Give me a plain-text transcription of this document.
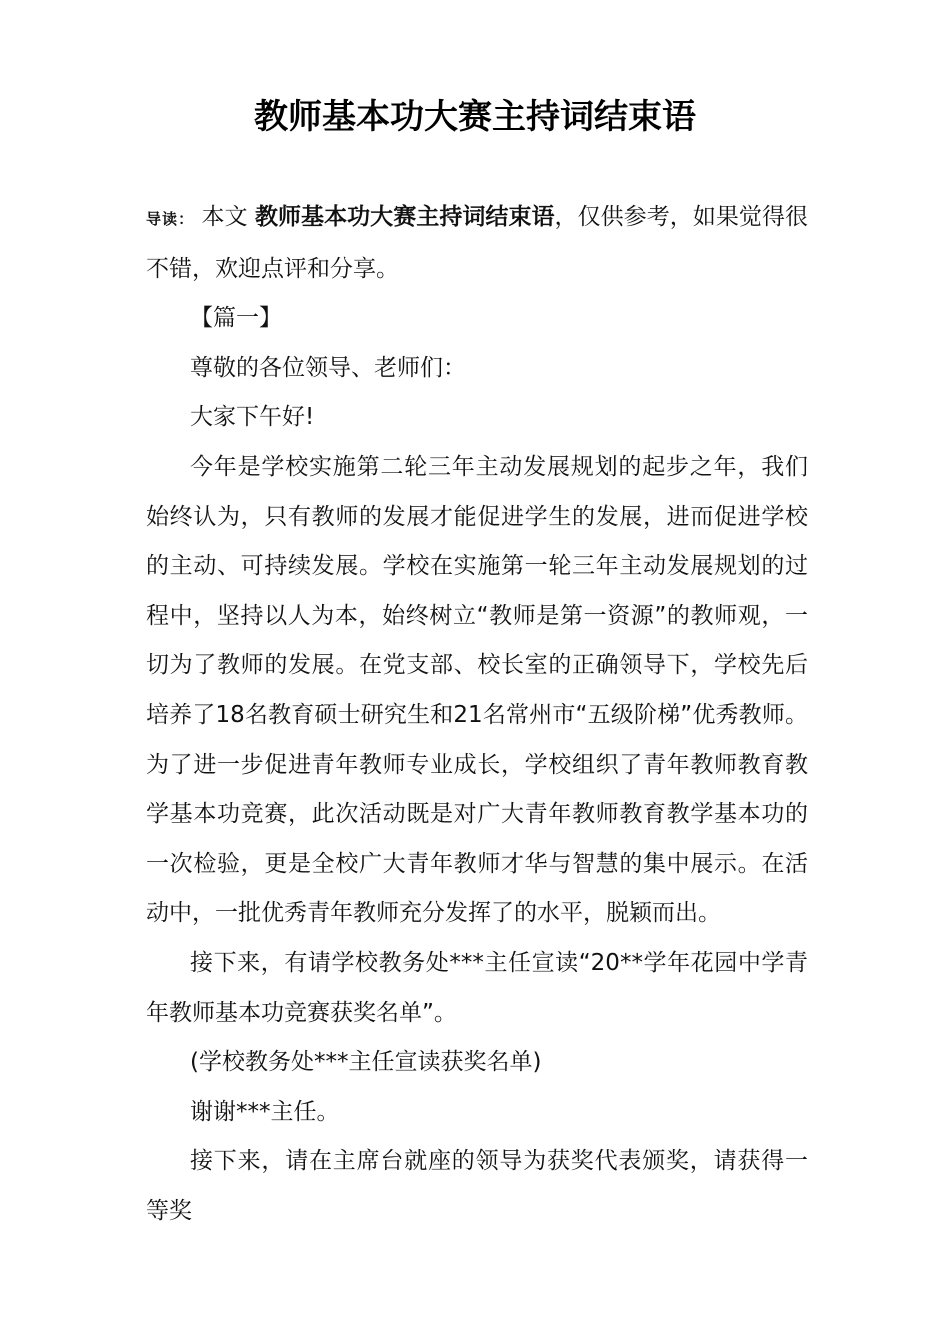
教师基本功大赛主持词结束语

导读： 本文 教师基本功大赛主持词结束语，仅供参考，如果觉得很不错，欢迎点评和分享。

【篇一】

尊敬的各位领导、老师们：

大家下午好!

今年是学校实施第二轮三年主动发展规划的起步之年，我们始终认为，只有教师的发展才能促进学生的发展，进而促进学校的主动、可持续发展。学校在实施第一轮三年主动发展规划的过程中，坚持以人为本，始终树立“教师是第一资源”的教师观，一切为了教师的发展。在党支部、校长室的正确领导下，学校先后培养了18名教育硕士研究生和21名常州市“五级阶梯”优秀教师。为了进一步促进青年教师专业成长，学校组织了青年教师教育教学基本功竞赛，此次活动既是对广大青年教师教育教学基本功的一次检验，更是全校广大青年教师才华与智慧的集中展示。在活动中，一批优秀青年教师充分发挥了的水平，脱颖而出。

接下来，有请学校教务处***主任宣读“20**学年花园中学青年教师基本功竞赛获奖名单”。

(学校教务处***主任宣读获奖名单)

谢谢***主任。

接下来，请在主席台就座的领导为获奖代表颁奖，请获得一等奖
